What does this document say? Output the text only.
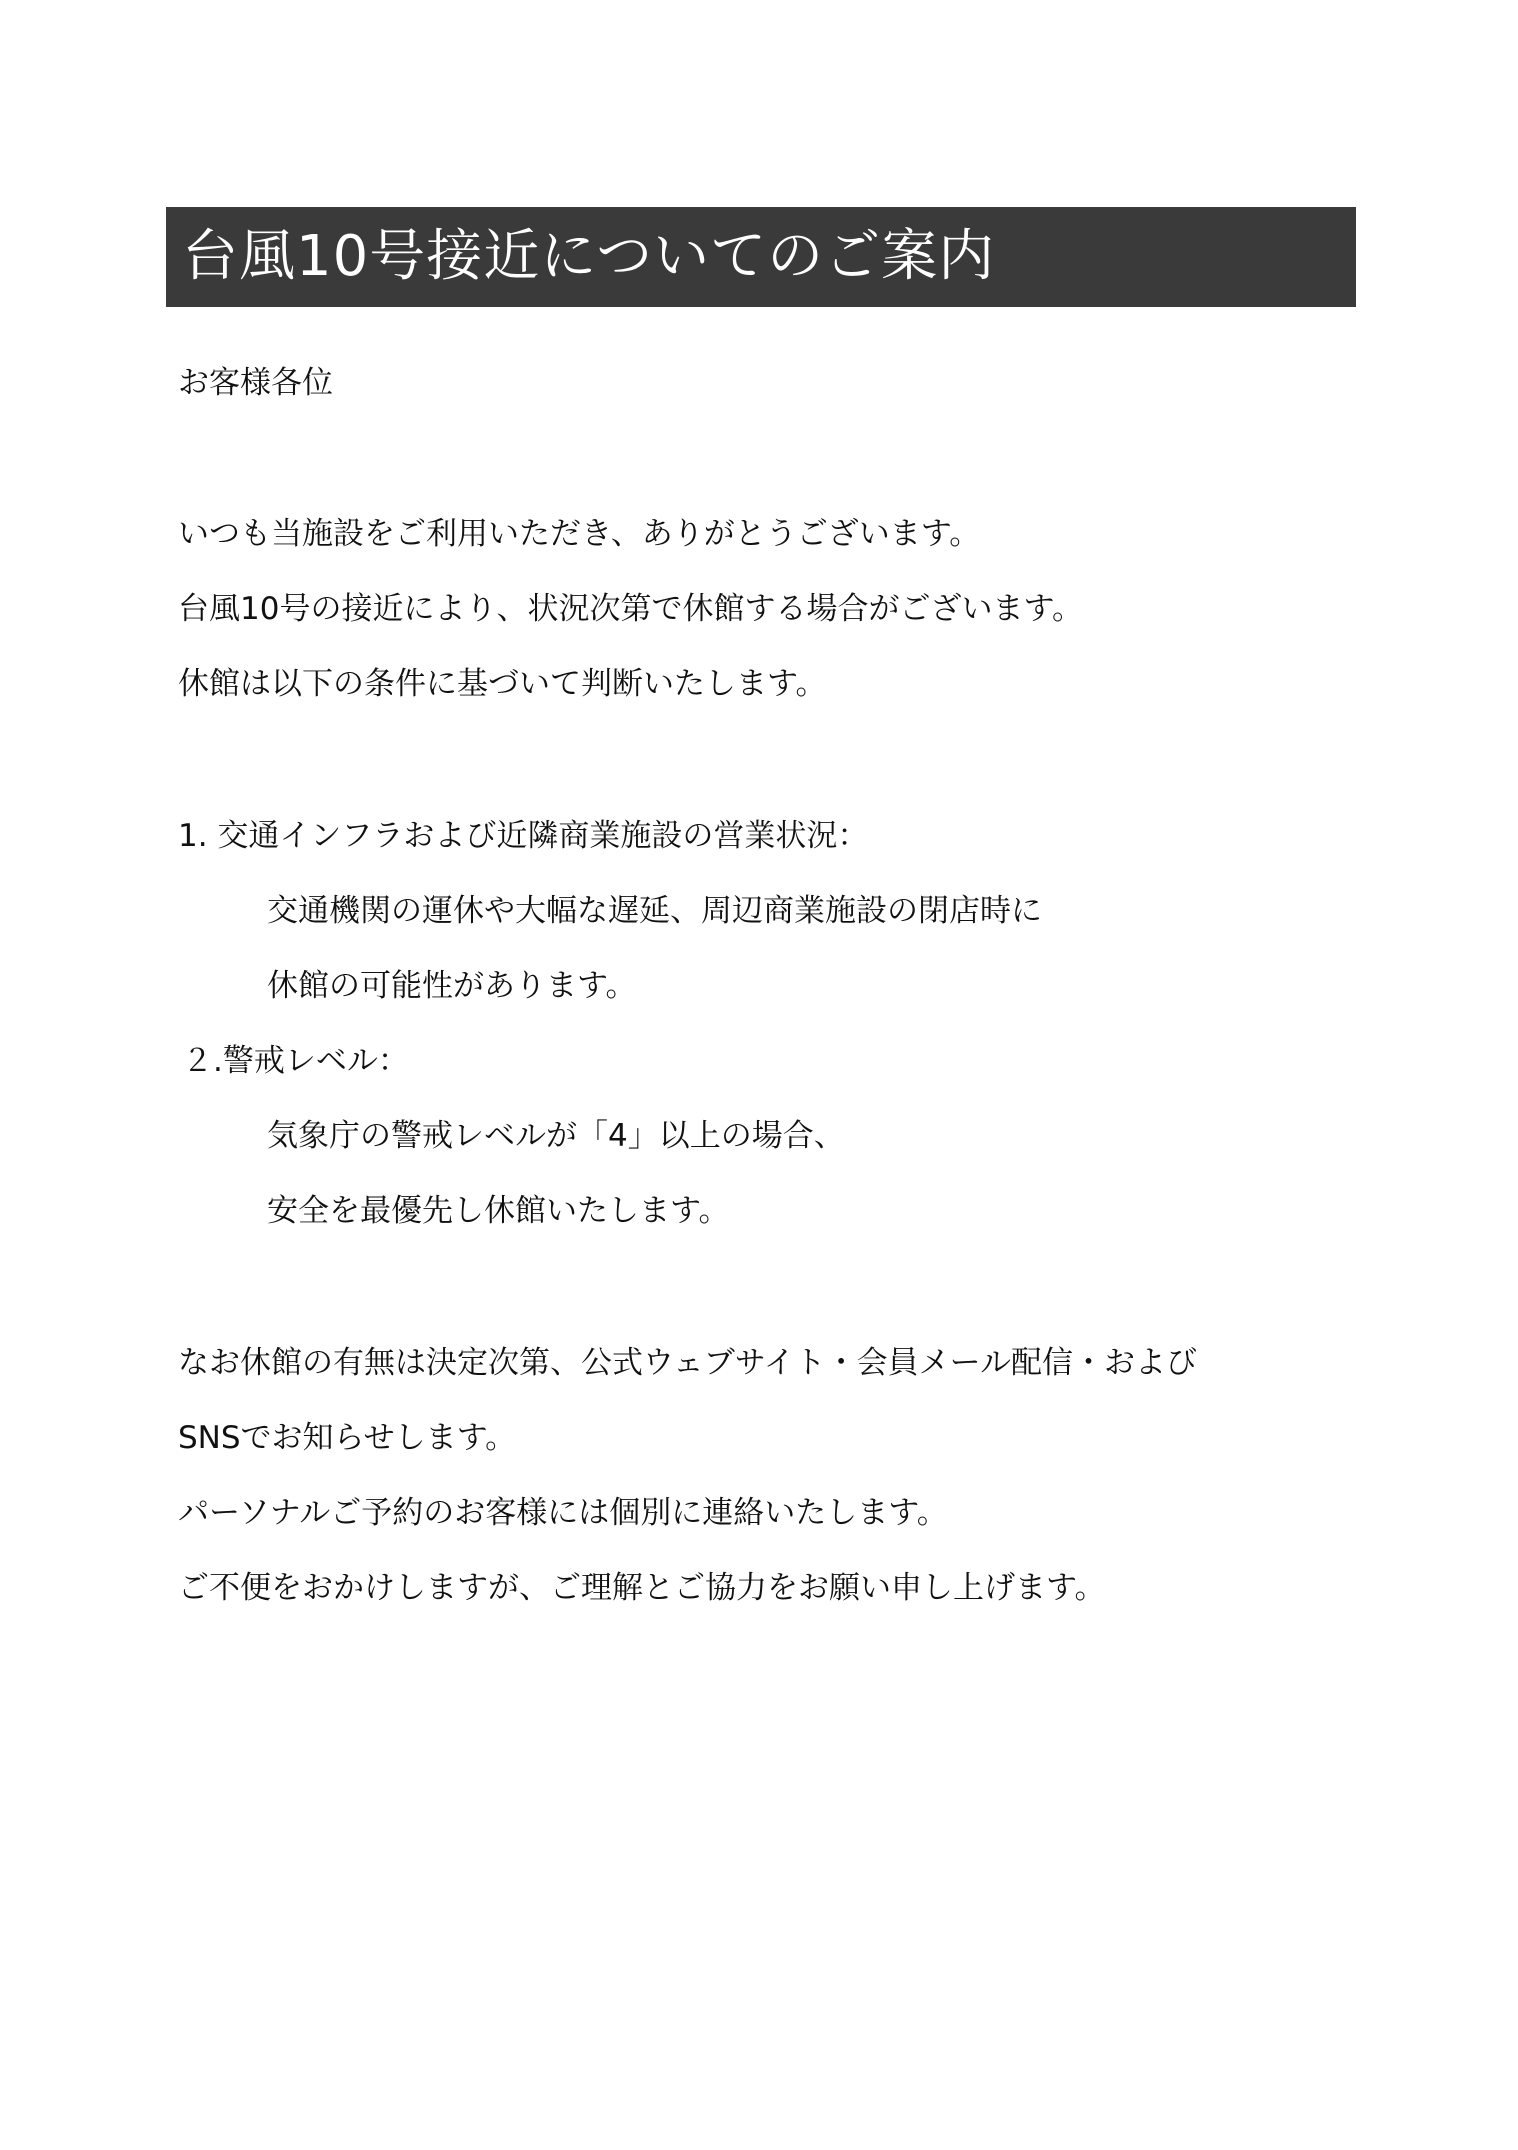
台風10号接近についてのご案内
お客様各位
いつも当施設をご利用いただき、ありがとうございます。
台風10号の接近により、状況次第で休館する場合がございます。
休館は以下の条件に基づいて判断いたします。
1. 交通インフラおよび近隣商業施設の営業状況：
交通機関の運休や大幅な遅延、周辺商業施設の閉店時に
休館の可能性があります。
２.警戒レベル：
気象庁の警戒レベルが「4」以上の場合、
安全を最優先し休館いたします。
なお休館の有無は決定次第、公式ウェブサイト・会員メール配信・および
SNSでお知らせします。
パーソナルご予約のお客様には個別に連絡いたします。
ご不便をおかけしますが、ご理解とご協力をお願い申し上げます。
